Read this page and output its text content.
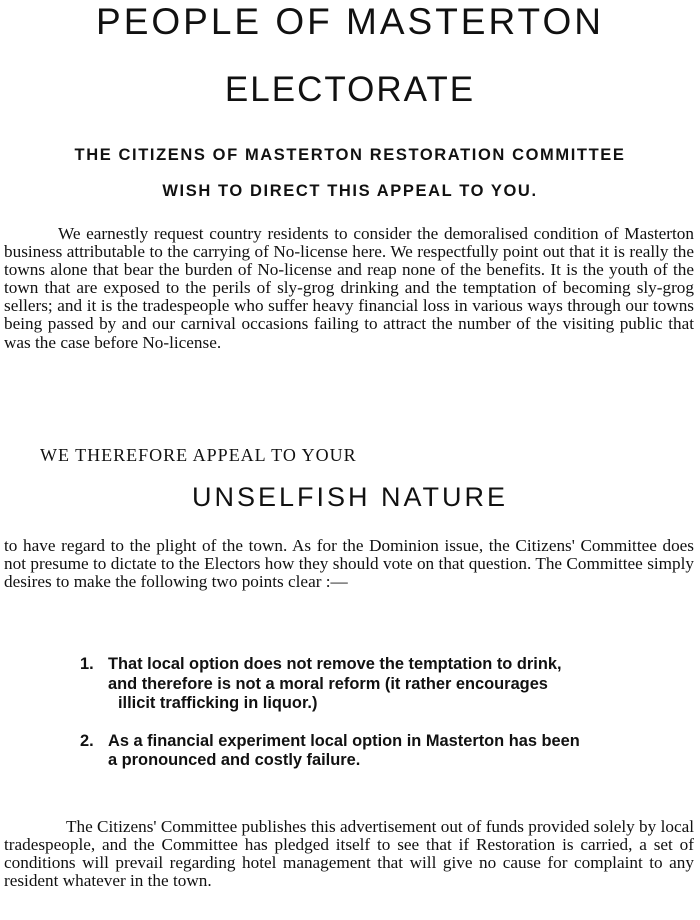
PEOPLE OF MASTERTON
ELECTORATE
THE CITIZENS OF MASTERTON RESTORATION COMMITTEE
WISH TO DIRECT THIS APPEAL TO YOU.

We earnestly request country residents to consider the demoralised condition of Masterton business attributable to the carrying of No-license here. We respectfully point out that it is really the towns alone that bear the burden of No-license and reap none of the benefits. It is the youth of the town that are exposed to the perils of sly-grog drinking and the temptation of becoming sly-grog sellers; and it is the tradespeople who suffer heavy financial loss in various ways through our towns being passed by and our carnival occasions failing to attract the number of the visiting public that was the case before No-license.

WE THEREFORE APPEAL TO YOUR
UNSELFISH NATURE

to have regard to the plight of the town. As for the Dominion issue, the Citizens' Committee does not presume to dictate to the Electors how they should vote on that question. The Committee simply desires to make the following two points clear :—

1. That local option does not remove the temptation to drink,
and therefore is not a moral reform (it rather encourages
illicit trafficking in liquor.)
2. As a financial experiment local option in Masterton has been
a pronounced and costly failure.

The Citizens' Committee publishes this advertisement out of funds provided solely by local tradespeople, and the Committee has pledged itself to see that if Restoration is carried, a set of conditions will prevail regarding hotel management that will give no cause for complaint to any resident whatever in the town.
